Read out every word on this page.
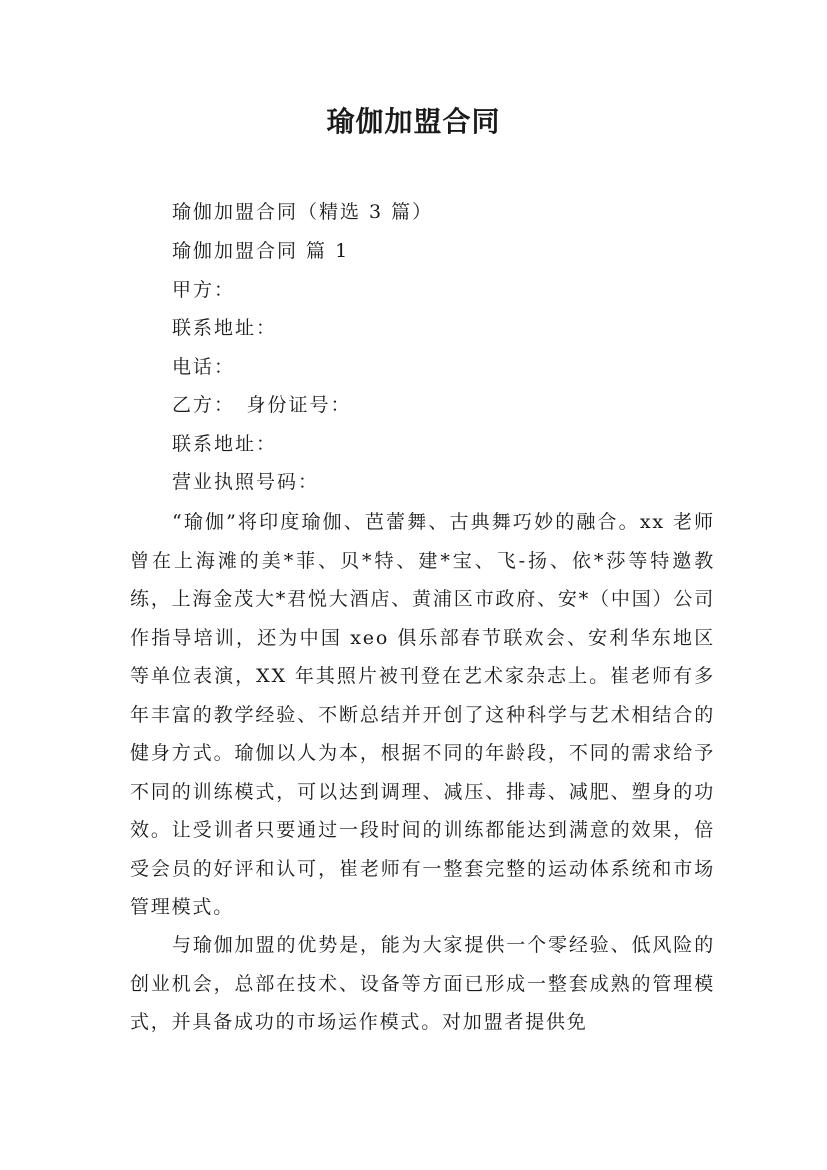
瑜伽加盟合同
瑜伽加盟合同（精选 3 篇）
瑜伽加盟合同 篇 1
甲方：
联系地址：
电话：
乙方：　身份证号：
联系地址：
营业执照号码：
“瑜伽”将印度瑜伽、芭蕾舞、古典舞巧妙的融合。xx 老师曾在上海滩的美*菲、贝*特、建*宝、飞-扬、依*莎等特邀教练，上海金茂大*君悦大酒店、黄浦区市政府、安*（中国）公司作指导培训，还为中国 xeo 俱乐部春节联欢会、安利华东地区等单位表演，XX 年其照片被刊登在艺术家杂志上。崔老师有多年丰富的教学经验、不断总结并开创了这种科学与艺术相结合的健身方式。瑜伽以人为本，根据不同的年龄段，不同的需求给予不同的训练模式，可以达到调理、减压、排毒、减肥、塑身的功效。让受训者只要通过一段时间的训练都能达到满意的效果，倍受会员的好评和认可，崔老师有一整套完整的运动体系统和市场管理模式。
与瑜伽加盟的优势是，能为大家提供一个零经验、低风险的创业机会，总部在技术、设备等方面已形成一整套成熟的管理模式，并具备成功的市场运作模式。对加盟者提供免
